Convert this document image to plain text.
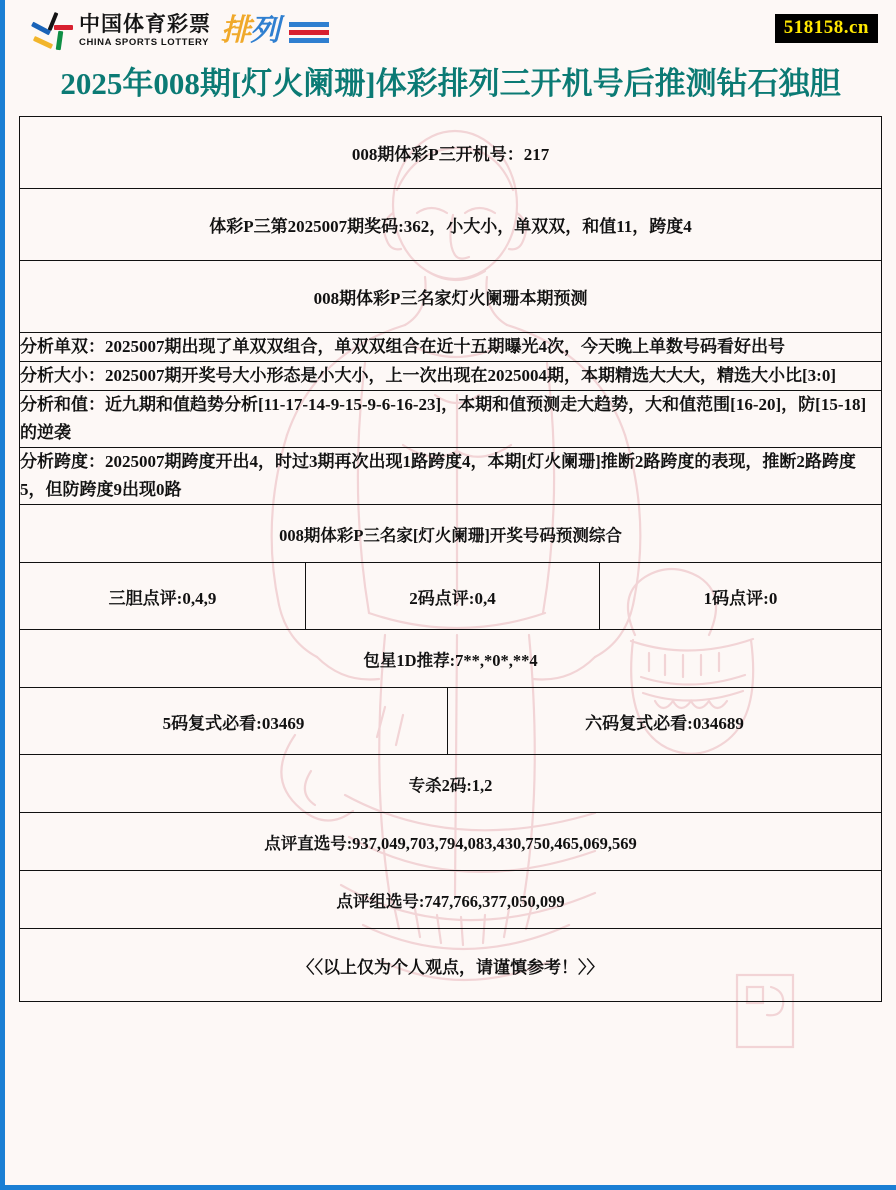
中国体育彩票
CHINA SPORTS LOTTERY 排列	518158.cn
2025年008期[灯火阑珊]体彩排列三开机号后推测钻石独胆
008期体彩P三开机号：217			
体彩P三第2025007期奖码:362，小大小，单双双，和值11，跨度4			
008期体彩P三名家灯火阑珊本期预测			
分析单双：2025007期出现了单双双组合，单双双组合在近十五期曝光4次，今天晚上单数号码看好出号			
分析大小：2025007期开奖号大小形态是小大小，上一次出现在2025004期，本期精选大大大，精选大小比[3:0]			
分析和值：近九期和值趋势分析[11-17-14-9-15-9-6-16-23]，本期和值预测走大趋势，大和值范围[16-20]，防[15-18]的逆袭			
分析跨度：2025007期跨度开出4，时过3期再次出现1路跨度4，本期[灯火阑珊]推断2路跨度的表现，推断2路跨度5，但防跨度9出现0路			
008期体彩P三名家[灯火阑珊]开奖号码预测综合			
三胆点评:0,4,9	2码点评:0,4		1码点评:0
包星1D推荐:7**,*0*,**4			
5码复式必看:03469		六码复式必看:034689	
专杀2码:1,2			
点评直选号:937,049,703,794,083,430,750,465,069,569			
点评组选号:747,766,377,050,099			
〈〈以上仅为个人观点，请谨慎参考！〉〉			
